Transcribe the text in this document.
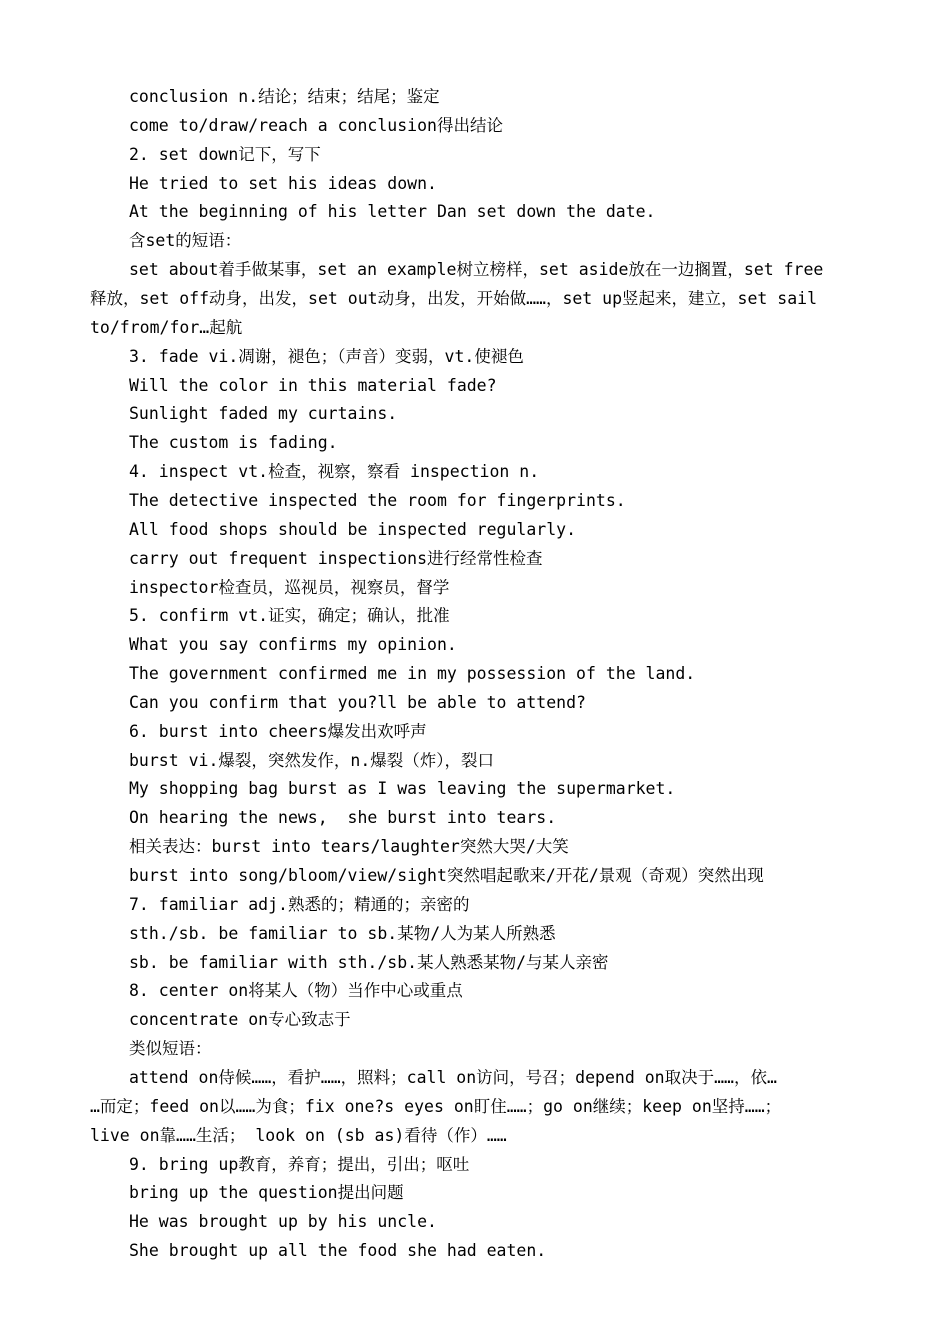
conclusion n.结论；结束；结尾；鉴定
come to/draw/reach a conclusion得出结论
2. set down记下，写下
He tried to set his ideas down.
At the beginning of his letter Dan set down the date.
含set的短语：
set about着手做某事，set an example树立榜样，set aside放在一边搁置，set free
释放，set off动身，出发，set out动身，出发，开始做……，set up竖起来，建立，set sail
to/from/for…起航
3. fade vi.凋谢，褪色；（声音）变弱，vt.使褪色
Will the color in this material fade?
Sunlight faded my curtains.
The custom is fading.
4. inspect vt.检查，视察，察看 inspection n.
The detective inspected the room for fingerprints.
All food shops should be inspected regularly.
carry out frequent inspections进行经常性检查
inspector检查员，巡视员，视察员，督学
5. confirm vt.证实，确定；确认，批准
What you say confirms my opinion.
The government confirmed me in my possession of the land.
Can you confirm that you?ll be able to attend?
6. burst into cheers爆发出欢呼声
burst vi.爆裂，突然发作，n.爆裂（炸），裂口
My shopping bag burst as I was leaving the supermarket.
On hearing the news,  she burst into tears.
相关表达：burst into tears/laughter突然大哭/大笑
burst into song/bloom/view/sight突然唱起歌来/开花/景观（奇观）突然出现
7. familiar adj.熟悉的；精通的；亲密的
sth./sb. be familiar to sb.某物/人为某人所熟悉
sb. be familiar with sth./sb.某人熟悉某物/与某人亲密
8. center on将某人（物）当作中心或重点
concentrate on专心致志于
类似短语：
attend on侍候……，看护……，照料；call on访问，号召；depend on取决于……，依…
…而定；feed on以……为食；fix one?s eyes on盯住……；go on继续；keep on坚持……；
live on靠……生活； look on (sb as)看待（作）……
9. bring up教育，养育；提出，引出；呕吐
bring up the question提出问题
He was brought up by his uncle.
She brought up all the food she had eaten.
